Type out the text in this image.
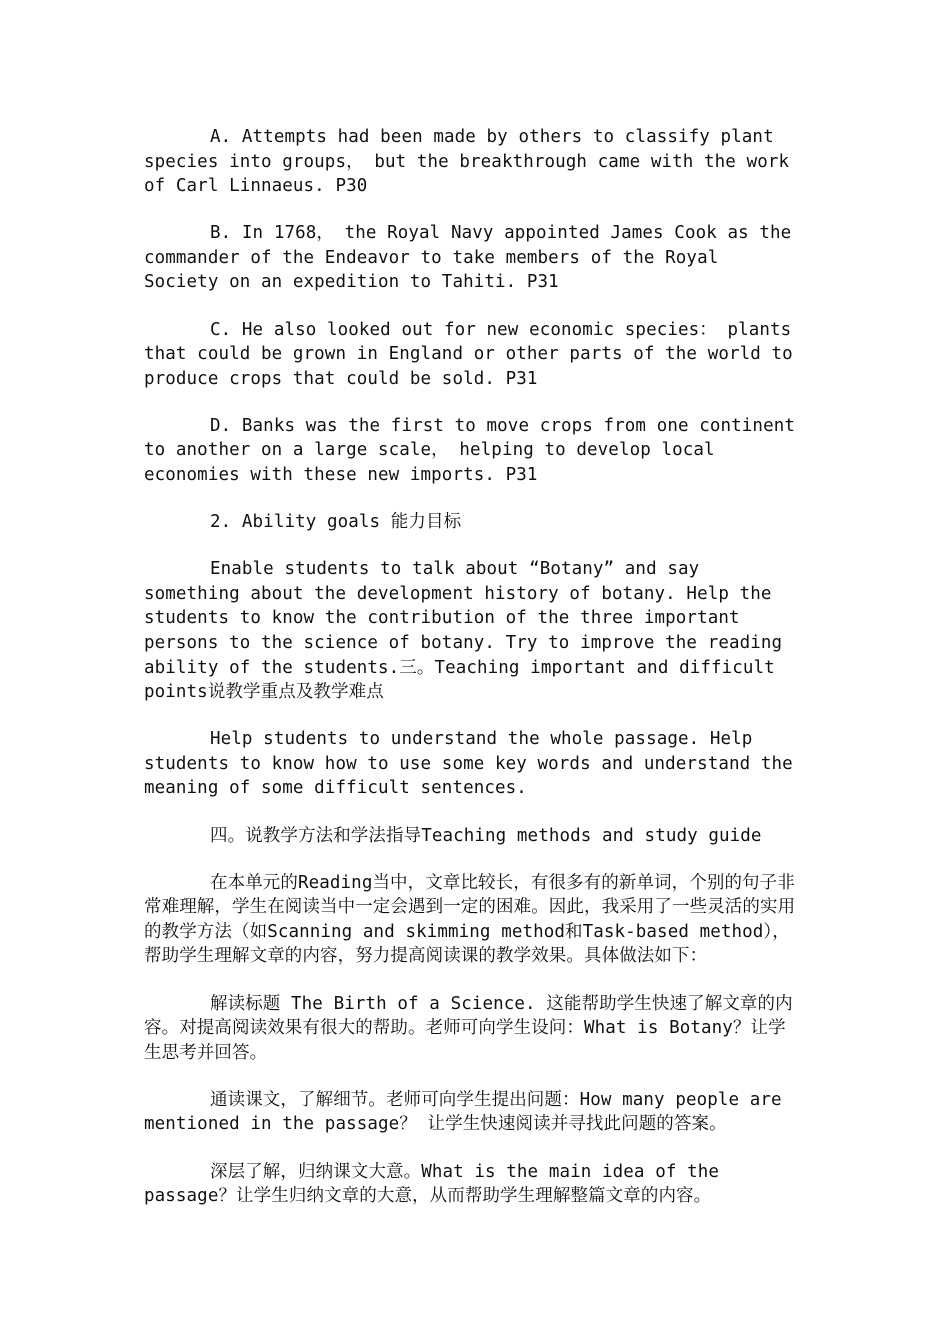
A. Attempts had been made by others to classify plant species into groups， but the breakthrough came with the work of Carl Linnaeus. P30

B. In 1768， the Royal Navy appointed James Cook as the commander of the Endeavor to take members of the Royal Society on an expedition to Tahiti. P31

C. He also looked out for new economic species： plants that could be grown in England or other parts of the world to produce crops that could be sold. P31

D. Banks was the first to move crops from one continent to another on a large scale， helping to develop local economies with these new imports. P31

2. Ability goals 能力目标

Enable students to talk about “Botany” and say something about the development history of botany. Help the students to know the contribution of the three important persons to the science of botany. Try to improve the reading ability of the students.三。Teaching important and difficult points说教学重点及教学难点

Help students to understand the whole passage. Help students to know how to use some key words and understand the meaning of some difficult sentences.

四。说教学方法和学法指导Teaching methods and study guide

在本单元的Reading当中，文章比较长，有很多有的新单词，个别的句子非常难理解，学生在阅读当中一定会遇到一定的困难。因此，我采用了一些灵活的实用的教学方法（如Scanning and skimming method和Task-based method），帮助学生理解文章的内容，努力提高阅读课的教学效果。具体做法如下：

解读标题 The Birth of a Science. 这能帮助学生快速了解文章的内容。对提高阅读效果有很大的帮助。老师可向学生设问：What is Botany？让学生思考并回答。

通读课文，了解细节。老师可向学生提出问题：How many people are mentioned in the passage？ 让学生快速阅读并寻找此问题的答案。

深层了解，归纳课文大意。What is the main idea of the passage？让学生归纳文章的大意，从而帮助学生理解整篇文章的内容。
